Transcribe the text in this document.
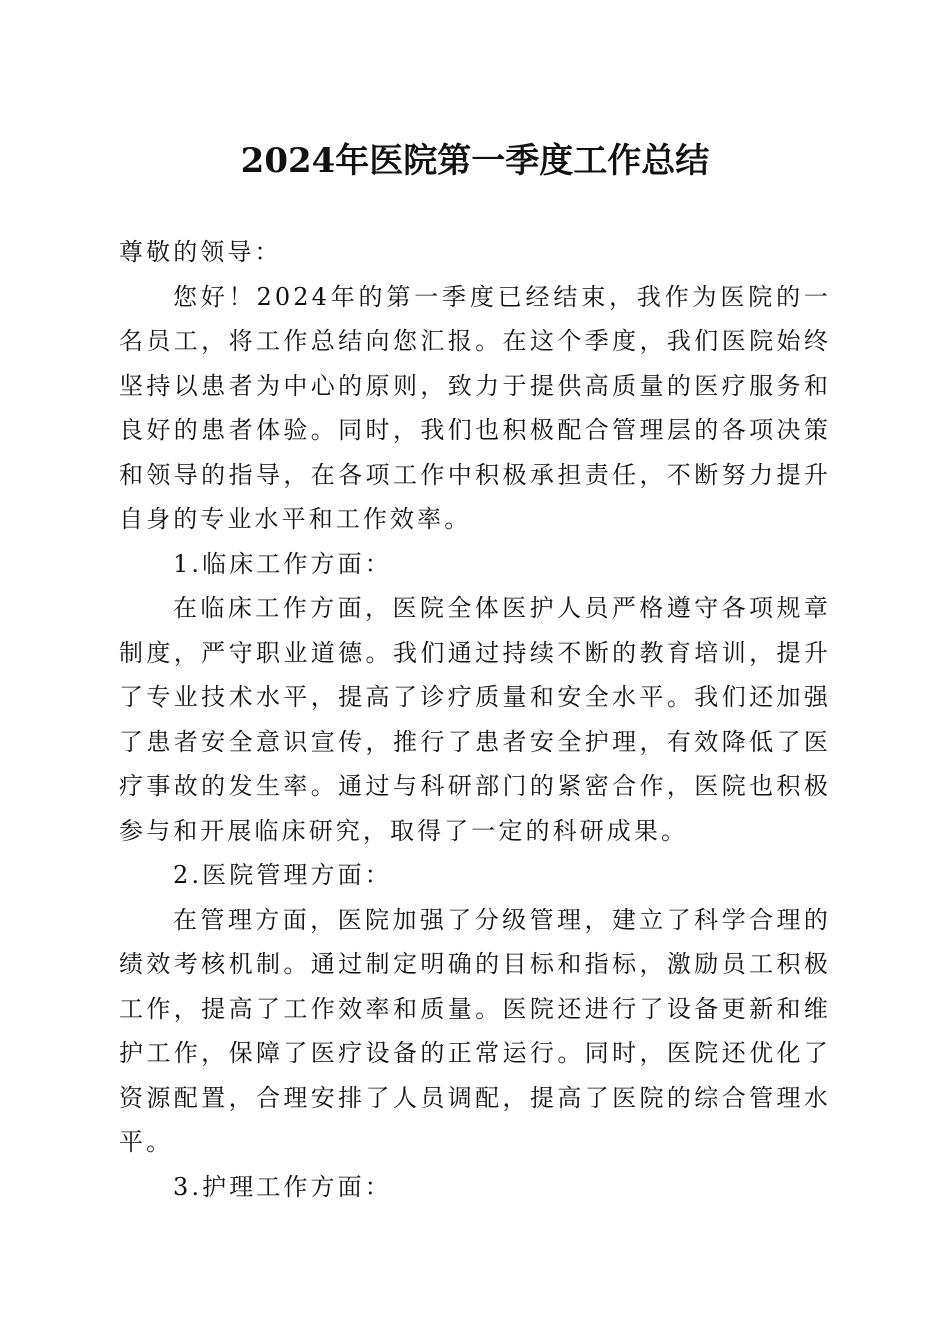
2024年医院第一季度工作总结

尊敬的领导：

您好！2024年的第一季度已经结束，我作为医院的一名员工，将工作总结向您汇报。在这个季度，我们医院始终坚持以患者为中心的原则，致力于提供高质量的医疗服务和良好的患者体验。同时，我们也积极配合管理层的各项决策和领导的指导，在各项工作中积极承担责任，不断努力提升自身的专业水平和工作效率。

1.临床工作方面：

在临床工作方面，医院全体医护人员严格遵守各项规章制度，严守职业道德。我们通过持续不断的教育培训，提升了专业技术水平，提高了诊疗质量和安全水平。我们还加强了患者安全意识宣传，推行了患者安全护理，有效降低了医疗事故的发生率。通过与科研部门的紧密合作，医院也积极参与和开展临床研究，取得了一定的科研成果。

2.医院管理方面：

在管理方面，医院加强了分级管理，建立了科学合理的绩效考核机制。通过制定明确的目标和指标，激励员工积极工作，提高了工作效率和质量。医院还进行了设备更新和维护工作，保障了医疗设备的正常运行。同时，医院还优化了资源配置，合理安排了人员调配，提高了医院的综合管理水平。

3.护理工作方面：
